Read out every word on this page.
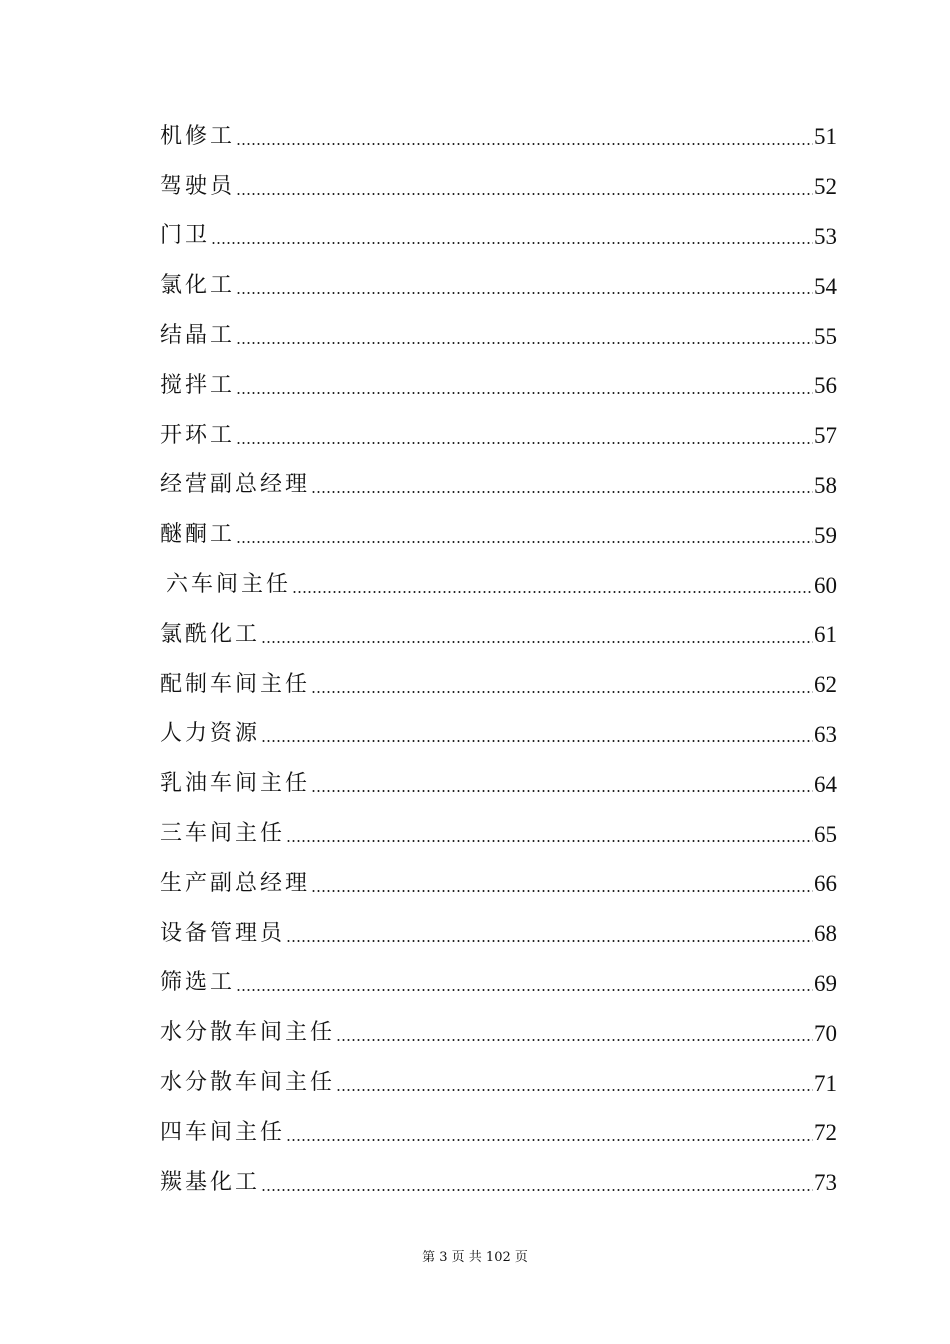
机修工	51
驾驶员	52
门卫	53
氯化工	54
结晶工	55
搅拌工	56
开环工	57
经营副总经理	58
醚酮工	59
六车间主任	60
氯酰化工	61
配制车间主任	62
人力资源	63
乳油车间主任	64
三车间主任	65
生产副总经理	66
设备管理员	68
筛选工	69
水分散车间主任	70
水分散车间主任	71
四车间主任	72
羰基化工	73
第 3 页 共 102 页
